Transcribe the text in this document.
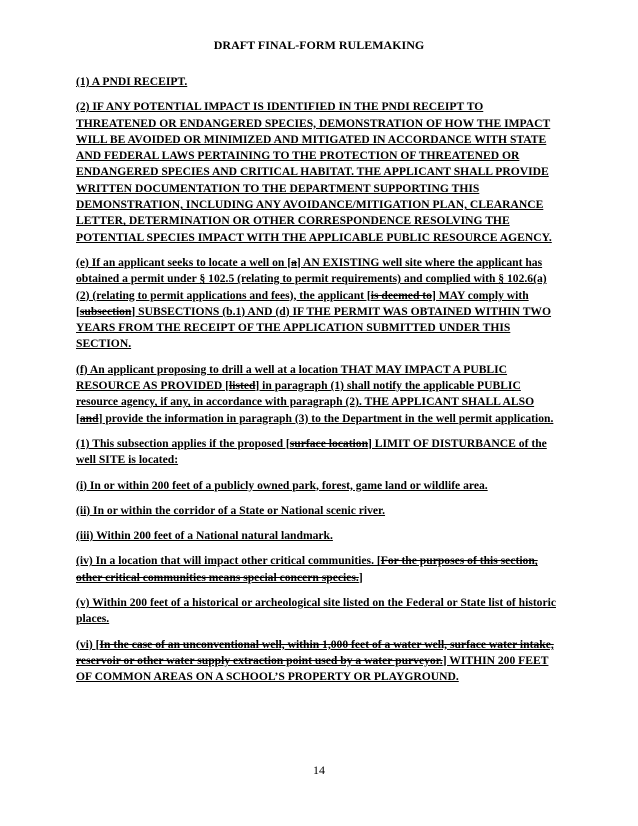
DRAFT FINAL-FORM RULEMAKING

(1) A PNDI RECEIPT.

(2) IF ANY POTENTIAL IMPACT IS IDENTIFIED IN THE PNDI RECEIPT TO THREATENED OR ENDANGERED SPECIES, DEMONSTRATION OF HOW THE IMPACT WILL BE AVOIDED OR MINIMIZED AND MITIGATED IN ACCORDANCE WITH STATE AND FEDERAL LAWS PERTAINING TO THE PROTECTION OF THREATENED OR ENDANGERED SPECIES AND CRITICAL HABITAT. THE APPLICANT SHALL PROVIDE WRITTEN DOCUMENTATION TO THE DEPARTMENT SUPPORTING THIS DEMONSTRATION, INCLUDING ANY AVOIDANCE/MITIGATION PLAN, CLEARANCE LETTER, DETERMINATION OR OTHER CORRESPONDENCE RESOLVING THE POTENTIAL SPECIES IMPACT WITH THE APPLICABLE PUBLIC RESOURCE AGENCY.

(e) If an applicant seeks to locate a well on [a] AN EXISTING well site where the applicant has obtained a permit under § 102.5 (relating to permit requirements) and complied with § 102.6(a)(2) (relating to permit applications and fees), the applicant [is deemed to] MAY comply with [subsection] SUBSECTIONS (b.1) AND (d) IF THE PERMIT WAS OBTAINED WITHIN TWO YEARS FROM THE RECEIPT OF THE APPLICATION SUBMITTED UNDER THIS SECTION.

(f) An applicant proposing to drill a well at a location THAT MAY IMPACT A PUBLIC RESOURCE AS PROVIDED [listed] in paragraph (1) shall notify the applicable PUBLIC resource agency, if any, in accordance with paragraph (2). THE APPLICANT SHALL ALSO [and] provide the information in paragraph (3) to the Department in the well permit application.

(1) This subsection applies if the proposed [surface location] LIMIT OF DISTURBANCE of the well SITE is located:

(i) In or within 200 feet of a publicly owned park, forest, game land or wildlife area.

(ii) In or within the corridor of a State or National scenic river.

(iii) Within 200 feet of a National natural landmark.

(iv) In a location that will impact other critical communities. [For the purposes of this section, other critical communities means special concern species.]

(v) Within 200 feet of a historical or archeological site listed on the Federal or State list of historic places.

(vi) [In the case of an unconventional well, within 1,000 feet of a water well, surface water intake, reservoir or other water supply extraction point used by a water purveyor.] WITHIN 200 FEET OF COMMON AREAS ON A SCHOOL’S PROPERTY OR PLAYGROUND.

14
